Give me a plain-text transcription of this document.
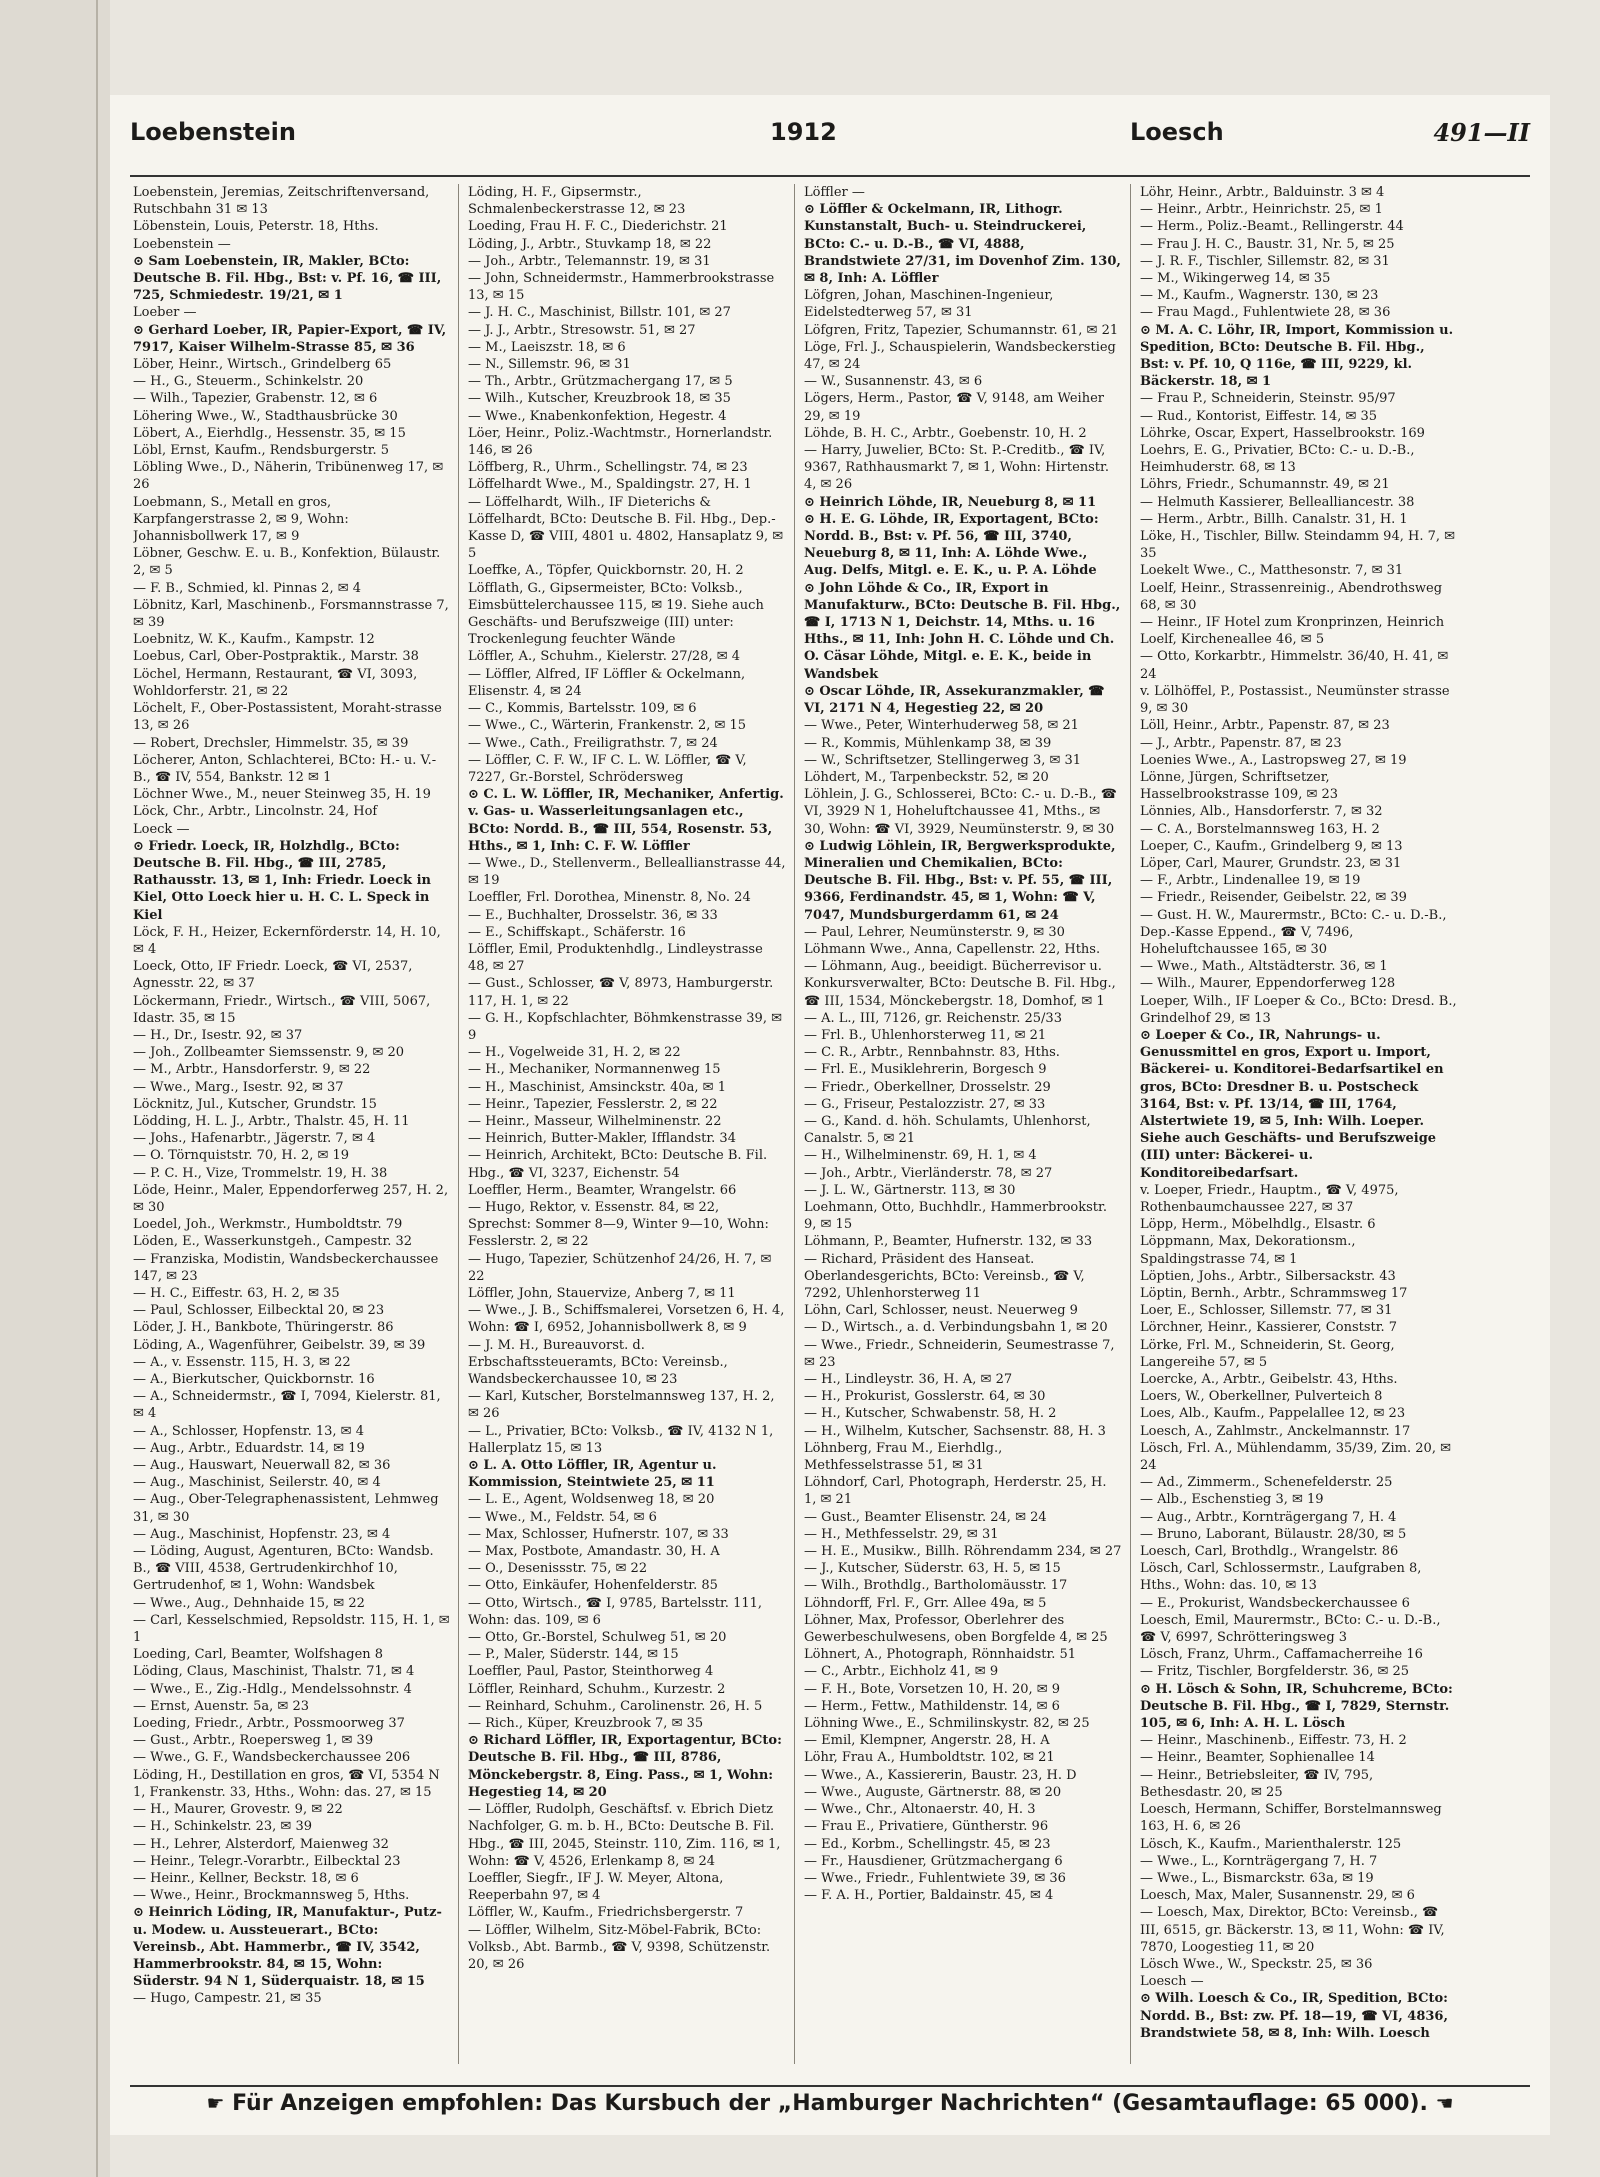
Loebenstein	1912	Loesch	491—II
Loebenstein, Jeremias, Zeitschriftenversand, Rutschbahn 31 ✉ 13
Löbenstein, Louis, Peterstr. 18, Hths.
Loebenstein —
⊙ Sam Loebenstein, IR, Makler, BCto: Deutsche B. Fil. Hbg., Bst: v. Pf. 16, ☎ III, 725, Schmiedestr. 19/21, ✉ 1
Loeber —
⊙ Gerhard Loeber, IR, Papier-Export, ☎ IV, 7917, Kaiser Wilhelm-Strasse 85, ✉ 36
Löber, Heinr., Wirtsch., Grindelberg 65
— H., G., Steuerm., Schinkelstr. 20
— Wilh., Tapezier, Grabenstr. 12, ✉ 6
Löhering Wwe., W., Stadthausbrücke 30
Löbert, A., Eierhdlg., Hessenstr. 35, ✉ 15
Löbl, Ernst, Kaufm., Rendsburgerstr. 5
Löbling Wwe., D., Näherin, Tribünenweg 17, ✉ 26
Loebmann, S., Metall en gros, Karpfangerstrasse 2, ✉ 9, Wohn: Johannisbollwerk 17, ✉ 9
Löbner, Geschw. E. u. B., Konfektion, Bülaustr. 2, ✉ 5
— F. B., Schmied, kl. Pinnas 2, ✉ 4
Löbnitz, Karl, Maschinenb., Forsmannstrasse 7, ✉ 39
Loebnitz, W. K., Kaufm., Kampstr. 12
Loebus, Carl, Ober-Postpraktik., Marstr. 38
Löchel, Hermann, Restaurant, ☎ VI, 3093, Wohldorferstr. 21, ✉ 22
Löchelt, F., Ober-Postassistent, Moraht-strasse 13, ✉ 26
— Robert, Drechsler, Himmelstr. 35, ✉ 39
Löcherer, Anton, Schlachterei, BCto: H.- u. V.-B., ☎ IV, 554, Bankstr. 12 ✉ 1
Löchner Wwe., M., neuer Steinweg 35, H. 19
Löck, Chr., Arbtr., Lincolnstr. 24, Hof
Loeck —
⊙ Friedr. Loeck, IR, Holzhdlg., BCto: Deutsche B. Fil. Hbg., ☎ III, 2785, Rathausstr. 13, ✉ 1, Inh: Friedr. Loeck in Kiel, Otto Loeck hier u. H. C. L. Speck in Kiel
Löck, F. H., Heizer, Eckernförderstr. 14, H. 10, ✉ 4
Loeck, Otto, IF Friedr. Loeck, ☎ VI, 2537, Agnesstr. 22, ✉ 37
Löckermann, Friedr., Wirtsch., ☎ VIII, 5067, Idastr. 35, ✉ 15
— H., Dr., Isestr. 92, ✉ 37
— Joh., Zollbeamter Siemssenstr. 9, ✉ 20
— M., Arbtr., Hansdorferstr. 9, ✉ 22
— Wwe., Marg., Isestr. 92, ✉ 37
Löcknitz, Jul., Kutscher, Grundstr. 15
Lödding, H. L. J., Arbtr., Thalstr. 45, H. 11
— Johs., Hafenarbtr., Jägerstr. 7, ✉ 4
— O. Törnquiststr. 70, H. 2, ✉ 19
— P. C. H., Vize, Trommelstr. 19, H. 38
Löde, Heinr., Maler, Eppendorferweg 257, H. 2, ✉ 30
Loedel, Joh., Werkmstr., Humboldtstr. 79
Löden, E., Wasserkunstgeh., Campestr. 32
— Franziska, Modistin, Wandsbeckerchaussee 147, ✉ 23
— H. C., Eiffestr. 63, H. 2, ✉ 35
— Paul, Schlosser, Eilbecktal 20, ✉ 23
Löder, J. H., Bankbote, Thüringerstr. 86
Löding, A., Wagenführer, Geibelstr. 39, ✉ 39
— A., v. Essenstr. 115, H. 3, ✉ 22
— A., Bierkutscher, Quickbornstr. 16
— A., Schneidermstr., ☎ I, 7094, Kielerstr. 81, ✉ 4
— A., Schlosser, Hopfenstr. 13, ✉ 4
— Aug., Arbtr., Eduardstr. 14, ✉ 19
— Aug., Hauswart, Neuerwall 82, ✉ 36
— Aug., Maschinist, Seilerstr. 40, ✉ 4
— Aug., Ober-Telegraphenassistent, Lehmweg 31, ✉ 30
— Aug., Maschinist, Hopfenstr. 23, ✉ 4
— Löding, August, Agenturen, BCto: Wandsb. B., ☎ VIII, 4538, Gertrudenkirchhof 10, Gertrudenhof, ✉ 1, Wohn: Wandsbek
— Wwe., Aug., Dehnhaide 15, ✉ 22
— Carl, Kesselschmied, Repsoldstr. 115, H. 1, ✉ 1
Loeding, Carl, Beamter, Wolfshagen 8
Löding, Claus, Maschinist, Thalstr. 71, ✉ 4
— Wwe., E., Zig.-Hdlg., Mendelssohnstr. 4
— Ernst, Auenstr. 5a, ✉ 23
Loeding, Friedr., Arbtr., Possmoorweg 37
— Gust., Arbtr., Roepersweg 1, ✉ 39
— Wwe., G. F., Wandsbeckerchaussee 206
Löding, H., Destillation en gros, ☎ VI, 5354 N 1, Frankenstr. 33, Hths., Wohn: das. 27, ✉ 15
— H., Maurer, Grovestr. 9, ✉ 22
— H., Schinkelstr. 23, ✉ 39
— H., Lehrer, Alsterdorf, Maienweg 32
— Heinr., Telegr.-Vorarbtr., Eilbecktal 23
— Heinr., Kellner, Beckstr. 18, ✉ 6
— Wwe., Heinr., Brockmannsweg 5, Hths.
⊙ Heinrich Löding, IR, Manufaktur-, Putz- u. Modew. u. Aussteuerart., BCto: Vereinsb., Abt. Hammerbr., ☎ IV, 3542, Hammerbrookstr. 84, ✉ 15, Wohn: Süderstr. 94 N 1, Süderquaistr. 18, ✉ 15
— Hugo, Campestr. 21, ✉ 35
Löding, H. F., Gipsermstr., Schmalenbeckerstrasse 12, ✉ 23
Loeding, Frau H. F. C., Diederichstr. 21
Löding, J., Arbtr., Stuvkamp 18, ✉ 22
— Joh., Arbtr., Telemannstr. 19, ✉ 31
— John, Schneidermstr., Hammerbrookstrasse 13, ✉ 15
— J. H. C., Maschinist, Billstr. 101, ✉ 27
— J. J., Arbtr., Stresowstr. 51, ✉ 27
— M., Laeiszstr. 18, ✉ 6
— N., Sillemstr. 96, ✉ 31
— Th., Arbtr., Grützmachergang 17, ✉ 5
— Wilh., Kutscher, Kreuzbrook 18, ✉ 35
— Wwe., Knabenkonfektion, Hegestr. 4
Löer, Heinr., Poliz.-Wachtmstr., Hornerlandstr. 146, ✉ 26
Löffberg, R., Uhrm., Schellingstr. 74, ✉ 23
Löffelhardt Wwe., M., Spaldingstr. 27, H. 1
— Löffelhardt, Wilh., IF Dieterichs & Löffelhardt, BCto: Deutsche B. Fil. Hbg., Dep.-Kasse D, ☎ VIII, 4801 u. 4802, Hansaplatz 9, ✉ 5
Loeffke, A., Töpfer, Quickbornstr. 20, H. 2
Löfflath, G., Gipsermeister, BCto: Volksb., Eimsbüttelerchaussee 115, ✉ 19. Siehe auch Geschäfts- und Berufszweige (III) unter: Trockenlegung feuchter Wände
Löffler, A., Schuhm., Kielerstr. 27/28, ✉ 4
— Löffler, Alfred, IF Löffler & Ockelmann, Elisenstr. 4, ✉ 24
— C., Kommis, Bartelsstr. 109, ✉ 6
— Wwe., C., Wärterin, Frankenstr. 2, ✉ 15
— Wwe., Cath., Freiligrathstr. 7, ✉ 24
— Löffler, C. F. W., IF C. L. W. Löffler, ☎ V, 7227, Gr.-Borstel, Schrödersweg
⊙ C. L. W. Löffler, IR, Mechaniker, Anfertig. v. Gas- u. Wasserleitungsanlagen etc., BCto: Nordd. B., ☎ III, 554, Rosenstr. 53, Hths., ✉ 1, Inh: C. F. W. Löffler
— Wwe., D., Stellenverm., Belleallianstrasse 44, ✉ 19
Loeffler, Frl. Dorothea, Minenstr. 8, No. 24
— E., Buchhalter, Drosselstr. 36, ✉ 33
— E., Schiffskapt., Schäferstr. 16
Löffler, Emil, Produktenhdlg., Lindleystrasse 48, ✉ 27
— Gust., Schlosser, ☎ V, 8973, Hamburgerstr. 117, H. 1, ✉ 22
— G. H., Kopfschlachter, Böhmkenstrasse 39, ✉ 9
— H., Vogelweide 31, H. 2, ✉ 22
— H., Mechaniker, Normannenweg 15
— H., Maschinist, Amsinckstr. 40a, ✉ 1
— Heinr., Tapezier, Fesslerstr. 2, ✉ 22
— Heinr., Masseur, Wilhelminenstr. 22
— Heinrich, Butter-Makler, Ifflandstr. 34
— Heinrich, Architekt, BCto: Deutsche B. Fil. Hbg., ☎ VI, 3237, Eichenstr. 54
Loeffler, Herm., Beamter, Wrangelstr. 66
— Hugo, Rektor, v. Essenstr. 84, ✉ 22, Sprechst: Sommer 8—9, Winter 9—10, Wohn: Fesslerstr. 2, ✉ 22
— Hugo, Tapezier, Schützenhof 24/26, H. 7, ✉ 22
Löffler, John, Stauervize, Anberg 7, ✉ 11
— Wwe., J. B., Schiffsmalerei, Vorsetzen 6, H. 4, Wohn: ☎ I, 6952, Johannisbollwerk 8, ✉ 9
— J. M. H., Bureauvorst. d. Erbschaftssteueramts, BCto: Vereinsb., Wandsbeckerchaussee 10, ✉ 23
— Karl, Kutscher, Borstelmannsweg 137, H. 2, ✉ 26
— L., Privatier, BCto: Volksb., ☎ IV, 4132 N 1, Hallerplatz 15, ✉ 13
⊙ L. A. Otto Löffler, IR, Agentur u. Kommission, Steintwiete 25, ✉ 11
— L. E., Agent, Woldsenweg 18, ✉ 20
— Wwe., M., Feldstr. 54, ✉ 6
— Max, Schlosser, Hufnerstr. 107, ✉ 33
— Max, Postbote, Amandastr. 30, H. A
— O., Desenissstr. 75, ✉ 22
— Otto, Einkäufer, Hohenfelderstr. 85
— Otto, Wirtsch., ☎ I, 9785, Bartelsstr. 111, Wohn: das. 109, ✉ 6
— Otto, Gr.-Borstel, Schulweg 51, ✉ 20
— P., Maler, Süderstr. 144, ✉ 15
Loeffler, Paul, Pastor, Steinthorweg 4
Löffler, Reinhard, Schuhm., Kurzestr. 2
— Reinhard, Schuhm., Carolinenstr. 26, H. 5
— Rich., Küper, Kreuzbrook 7, ✉ 35
⊙ Richard Löffler, IR, Exportagentur, BCto: Deutsche B. Fil. Hbg., ☎ III, 8786, Mönckebergstr. 8, Eing. Pass., ✉ 1, Wohn: Hegestieg 14, ✉ 20
— Löffler, Rudolph, Geschäftsf. v. Ebrich Dietz Nachfolger, G. m. b. H., BCto: Deutsche B. Fil. Hbg., ☎ III, 2045, Steinstr. 110, Zim. 116, ✉ 1, Wohn: ☎ V, 4526, Erlenkamp 8, ✉ 24
Loeffler, Siegfr., IF J. W. Meyer, Altona, Reeperbahn 97, ✉ 4
Löffler, W., Kaufm., Friedrichsbergerstr. 7
— Löffler, Wilhelm, Sitz-Möbel-Fabrik, BCto: Volksb., Abt. Barmb., ☎ V, 9398, Schützenstr. 20, ✉ 26
Löffler —
⊙ Löffler & Ockelmann, IR, Lithogr. Kunstanstalt, Buch- u. Steindruckerei, BCto: C.- u. D.-B., ☎ VI, 4888, Brandstwiete 27/31, im Dovenhof Zim. 130, ✉ 8, Inh: A. Löffler
Löfgren, Johan, Maschinen-Ingenieur, Eidelstedterweg 57, ✉ 31
Löfgren, Fritz, Tapezier, Schumannstr. 61, ✉ 21
Löge, Frl. J., Schauspielerin, Wandsbeckerstieg 47, ✉ 24
— W., Susannenstr. 43, ✉ 6
Lögers, Herm., Pastor, ☎ V, 9148, am Weiher 29, ✉ 19
Löhde, B. H. C., Arbtr., Goebenstr. 10, H. 2
— Harry, Juwelier, BCto: St. P.-Creditb., ☎ IV, 9367, Rathhausmarkt 7, ✉ 1, Wohn: Hirtenstr. 4, ✉ 26
⊙ Heinrich Löhde, IR, Neueburg 8, ✉ 11
⊙ H. E. G. Löhde, IR, Exportagent, BCto: Nordd. B., Bst: v. Pf. 56, ☎ III, 3740, Neueburg 8, ✉ 11, Inh: A. Löhde Wwe., Aug. Delfs, Mitgl. e. E. K., u. P. A. Löhde
⊙ John Löhde & Co., IR, Export in Manufakturw., BCto: Deutsche B. Fil. Hbg., ☎ I, 1713 N 1, Deichstr. 14, Mths. u. 16 Hths., ✉ 11, Inh: John H. C. Löhde und Ch. O. Cäsar Löhde, Mitgl. e. E. K., beide in Wandsbek
⊙ Oscar Löhde, IR, Assekuranzmakler, ☎ VI, 2171 N 4, Hegestieg 22, ✉ 20
— Wwe., Peter, Winterhuderweg 58, ✉ 21
— R., Kommis, Mühlenkamp 38, ✉ 39
— W., Schriftsetzer, Stellingerweg 3, ✉ 31
Löhdert, M., Tarpenbeckstr. 52, ✉ 20
Löhlein, J. G., Schlosserei, BCto: C.- u. D.-B., ☎ VI, 3929 N 1, Hoheluftchaussee 41, Mths., ✉ 30, Wohn: ☎ VI, 3929, Neumünsterstr. 9, ✉ 30
⊙ Ludwig Löhlein, IR, Bergwerksprodukte, Mineralien und Chemikalien, BCto: Deutsche B. Fil. Hbg., Bst: v. Pf. 55, ☎ III, 9366, Ferdinandstr. 45, ✉ 1, Wohn: ☎ V, 7047, Mundsburgerdamm 61, ✉ 24
— Paul, Lehrer, Neumünsterstr. 9, ✉ 30
Löhmann Wwe., Anna, Capellenstr. 22, Hths.
— Löhmann, Aug., beeidigt. Bücherrevisor u. Konkursverwalter, BCto: Deutsche B. Fil. Hbg., ☎ III, 1534, Mönckebergstr. 18, Domhof, ✉ 1
— A. L., III, 7126, gr. Reichenstr. 25/33
— Frl. B., Uhlenhorsterweg 11, ✉ 21
— C. R., Arbtr., Rennbahnstr. 83, Hths.
— Frl. E., Musiklehrerin, Borgesch 9
— Friedr., Oberkellner, Drosselstr. 29
— G., Friseur, Pestalozzistr. 27, ✉ 33
— G., Kand. d. höh. Schulamts, Uhlenhorst, Canalstr. 5, ✉ 21
— H., Wilhelminenstr. 69, H. 1, ✉ 4
— Joh., Arbtr., Vierländerstr. 78, ✉ 27
— J. L. W., Gärtnerstr. 113, ✉ 30
Loehmann, Otto, Buchhdlr., Hammerbrookstr. 9, ✉ 15
Löhmann, P., Beamter, Hufnerstr. 132, ✉ 33
— Richard, Präsident des Hanseat. Oberlandesgerichts, BCto: Vereinsb., ☎ V, 7292, Uhlenhorsterweg 11
Löhn, Carl, Schlosser, neust. Neuerweg 9
— D., Wirtsch., a. d. Verbindungsbahn 1, ✉ 20
— Wwe., Friedr., Schneiderin, Seumestrasse 7, ✉ 23
— H., Lindleystr. 36, H. A, ✉ 27
— H., Prokurist, Gosslerstr. 64, ✉ 30
— H., Kutscher, Schwabenstr. 58, H. 2
— H., Wilhelm, Kutscher, Sachsenstr. 88, H. 3
Löhnberg, Frau M., Eierhdlg., Methfesselstrasse 51, ✉ 31
Löhndorf, Carl, Photograph, Herderstr. 25, H. 1, ✉ 21
— Gust., Beamter Elisenstr. 24, ✉ 24
— H., Methfesselstr. 29, ✉ 31
— H. E., Musikw., Billh. Röhrendamm 234, ✉ 27
— J., Kutscher, Süderstr. 63, H. 5, ✉ 15
— Wilh., Brothdlg., Bartholomäusstr. 17
Löhndorff, Frl. F., Grr. Allee 49a, ✉ 5
Löhner, Max, Professor, Oberlehrer des Gewerbeschulwesens, oben Borgfelde 4, ✉ 25
Löhnert, A., Photograph, Rönnhaidstr. 51
— C., Arbtr., Eichholz 41, ✉ 9
— F. H., Bote, Vorsetzen 10, H. 20, ✉ 9
— Herm., Fettw., Mathildenstr. 14, ✉ 6
Löhning Wwe., E., Schmilinskystr. 82, ✉ 25
— Emil, Klempner, Angerstr. 28, H. A
Löhr, Frau A., Humboldtstr. 102, ✉ 21
— Wwe., A., Kassiererin, Baustr. 23, H. D
— Wwe., Auguste, Gärtnerstr. 88, ✉ 20
— Wwe., Chr., Altonaerstr. 40, H. 3
— Frau E., Privatiere, Güntherstr. 96
— Ed., Korbm., Schellingstr. 45, ✉ 23
— Fr., Hausdiener, Grützmachergang 6
— Wwe., Friedr., Fuhlentwiete 39, ✉ 36
— F. A. H., Portier, Baldainstr. 45, ✉ 4
Löhr, Heinr., Arbtr., Balduinstr. 3 ✉ 4
— Heinr., Arbtr., Heinrichstr. 25, ✉ 1
— Herm., Poliz.-Beamt., Rellingerstr. 44
— Frau J. H. C., Baustr. 31, Nr. 5, ✉ 25
— J. R. F., Tischler, Sillemstr. 82, ✉ 31
— M., Wikingerweg 14, ✉ 35
— M., Kaufm., Wagnerstr. 130, ✉ 23
— Frau Magd., Fuhlentwiete 28, ✉ 36
⊙ M. A. C. Löhr, IR, Import, Kommission u. Spedition, BCto: Deutsche B. Fil. Hbg., Bst: v. Pf. 10, Q 116e, ☎ III, 9229, kl. Bäckerstr. 18, ✉ 1
— Frau P., Schneiderin, Steinstr. 95/97
— Rud., Kontorist, Eiffestr. 14, ✉ 35
Löhrke, Oscar, Expert, Hasselbrookstr. 169
Loehrs, E. G., Privatier, BCto: C.- u. D.-B., Heimhuderstr. 68, ✉ 13
Löhrs, Friedr., Schumannstr. 49, ✉ 21
— Helmuth Kassierer, Bellealliancestr. 38
— Herm., Arbtr., Billh. Canalstr. 31, H. 1
Löke, H., Tischler, Billw. Steindamm 94, H. 7, ✉ 35
Loekelt Wwe., C., Matthesonstr. 7, ✉ 31
Loelf, Heinr., Strassenreinig., Abendrothsweg 68, ✉ 30
— Heinr., IF Hotel zum Kronprinzen, Heinrich Loelf, Kircheneallee 46, ✉ 5
— Otto, Korkarbtr., Himmelstr. 36/40, H. 41, ✉ 24
v. Lölhöffel, P., Postassist., Neumünster strasse 9, ✉ 30
Löll, Heinr., Arbtr., Papenstr. 87, ✉ 23
— J., Arbtr., Papenstr. 87, ✉ 23
Loenies Wwe., A., Lastropsweg 27, ✉ 19
Lönne, Jürgen, Schriftsetzer, Hasselbrookstrasse 109, ✉ 23
Lönnies, Alb., Hansdorferstr. 7, ✉ 32
— C. A., Borstelmannsweg 163, H. 2
Loeper, C., Kaufm., Grindelberg 9, ✉ 13
Löper, Carl, Maurer, Grundstr. 23, ✉ 31
— F., Arbtr., Lindenallee 19, ✉ 19
— Friedr., Reisender, Geibelstr. 22, ✉ 39
— Gust. H. W., Maurermstr., BCto: C.- u. D.-B., Dep.-Kasse Eppend., ☎ V, 7496, Hoheluftchaussee 165, ✉ 30
— Wwe., Math., Altstädterstr. 36, ✉ 1
— Wilh., Maurer, Eppendorferweg 128
Loeper, Wilh., IF Loeper & Co., BCto: Dresd. B., Grindelhof 29, ✉ 13
⊙ Loeper & Co., IR, Nahrungs- u. Genussmittel en gros, Export u. Import, Bäckerei- u. Konditorei-Bedarfsartikel en gros, BCto: Dresdner B. u. Postscheck 3164, Bst: v. Pf. 13/14, ☎ III, 1764, Alstertwiete 19, ✉ 5, Inh: Wilh. Loeper. Siehe auch Geschäfts- und Berufszweige (III) unter: Bäckerei- u. Konditoreibedarfsart.
v. Loeper, Friedr., Hauptm., ☎ V, 4975, Rothenbaumchaussee 227, ✉ 37
Löpp, Herm., Möbelhdlg., Elsastr. 6
Löppmann, Max, Dekorationsm., Spaldingstrasse 74, ✉ 1
Löptien, Johs., Arbtr., Silbersackstr. 43
Löptin, Bernh., Arbtr., Schrammsweg 17
Loer, E., Schlosser, Sillemstr. 77, ✉ 31
Lörchner, Heinr., Kassierer, Conststr. 7
Lörke, Frl. M., Schneiderin, St. Georg, Langereihe 57, ✉ 5
Loercke, A., Arbtr., Geibelstr. 43, Hths.
Loers, W., Oberkellner, Pulverteich 8
Loes, Alb., Kaufm., Pappelallee 12, ✉ 23
Loesch, A., Zahlmstr., Anckelmannstr. 17
Lösch, Frl. A., Mühlendamm, 35/39, Zim. 20, ✉ 24
— Ad., Zimmerm., Schenefelderstr. 25
— Alb., Eschenstieg 3, ✉ 19
— Aug., Arbtr., Kornträgergang 7, H. 4
— Bruno, Laborant, Bülaustr. 28/30, ✉ 5
Loesch, Carl, Brothdlg., Wrangelstr. 86
Lösch, Carl, Schlossermstr., Laufgraben 8, Hths., Wohn: das. 10, ✉ 13
— E., Prokurist, Wandsbeckerchaussee 6
Loesch, Emil, Maurermstr., BCto: C.- u. D.-B., ☎ V, 6997, Schrötteringsweg 3
Lösch, Franz, Uhrm., Caffamacherreihe 16
— Fritz, Tischler, Borgfelderstr. 36, ✉ 25
⊙ H. Lösch & Sohn, IR, Schuhcreme, BCto: Deutsche B. Fil. Hbg., ☎ I, 7829, Sternstr. 105, ✉ 6, Inh: A. H. L. Lösch
— Heinr., Maschinenb., Eiffestr. 73, H. 2
— Heinr., Beamter, Sophienallee 14
— Heinr., Betriebsleiter, ☎ IV, 795, Bethesdastr. 20, ✉ 25
Loesch, Hermann, Schiffer, Borstelmannsweg 163, H. 6, ✉ 26
Lösch, K., Kaufm., Marienthalerstr. 125
— Wwe., L., Kornträgergang 7, H. 7
— Wwe., L., Bismarckstr. 63a, ✉ 19
Loesch, Max, Maler, Susannenstr. 29, ✉ 6
— Loesch, Max, Direktor, BCto: Vereinsb., ☎ III, 6515, gr. Bäckerstr. 13, ✉ 11, Wohn: ☎ IV, 7870, Loogestieg 11, ✉ 20
Lösch Wwe., W., Speckstr. 25, ✉ 36
Loesch —
⊙ Wilh. Loesch & Co., IR, Spedition, BCto: Nordd. B., Bst: zw. Pf. 18—19, ☎ VI, 4836, Brandstwiete 58, ✉ 8, Inh: Wilh. Loesch
☛ Für Anzeigen empfohlen: Das Kursbuch der „Hamburger Nachrichten“ (Gesamtauflage: 65 000). ☚
